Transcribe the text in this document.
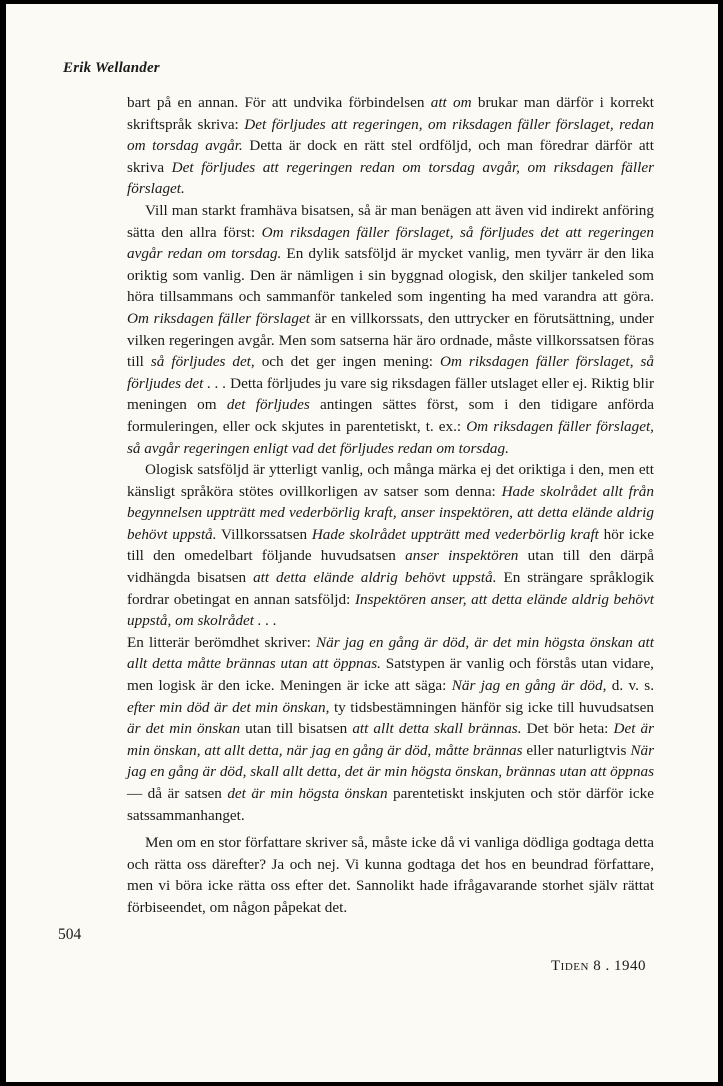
Erik Wellander

bart på en annan. För att undvika förbindelsen att om brukar man därför i korrekt skriftspråk skriva: Det förljudes att regeringen, om riksdagen fäller förslaget, redan om torsdag avgår. Detta är dock en rätt stel ordföljd, och man föredrar därför att skriva Det förljudes att regeringen redan om torsdag avgår, om riksdagen fäller förslaget.

Vill man starkt framhäva bisatsen, så är man benägen att även vid indirekt anföring sätta den allra först: Om riksdagen fäller förslaget, så förljudes det att regeringen avgår redan om torsdag. En dylik satsföljd är mycket vanlig, men tyvärr är den lika oriktig som vanlig. Den är nämligen i sin byggnad ologisk, den skiljer tankeled som höra tillsammans och sammanför tankeled som ingenting ha med varandra att göra. Om riksdagen fäller förslaget är en villkorssats, den uttrycker en förutsättning, under vilken regeringen avgår. Men som satserna här äro ordnade, måste villkorssatsen föras till så förljudes det, och det ger ingen mening: Om riksdagen fäller förslaget, så förljudes det . . . Detta förljudes ju vare sig riksdagen fäller utslaget eller ej. Riktig blir meningen om det förljudes antingen sättes först, som i den tidigare anförda formuleringen, eller ock skjutes in parentetiskt, t. ex.: Om riksdagen fäller förslaget, så avgår regeringen enligt vad det förljudes redan om torsdag.

Ologisk satsföljd är ytterligt vanlig, och många märka ej det oriktiga i den, men ett känsligt språköra stötes ovillkorligen av satser som denna: Hade skolrådet allt från begynnelsen uppträtt med vederbörlig kraft, anser inspektören, att detta elände aldrig behövt uppstå. Villkorssatsen Hade skolrådet uppträtt med vederbörlig kraft hör icke till den omedelbart följande huvudsatsen anser inspektören utan till den därpå vidhängda bisatsen att detta elände aldrig behövt uppstå. En strängare språklogik fordrar obetingat en annan satsföljd: Inspektören anser, att detta elände aldrig behövt uppstå, om skolrådet . . .

En litterär berömdhet skriver: När jag en gång är död, är det min högsta önskan att allt detta måtte brännas utan att öppnas. Satstypen är vanlig och förstås utan vidare, men logisk är den icke. Meningen är icke att säga: När jag en gång är död, d. v. s. efter min död är det min önskan, ty tidsbestämningen hänför sig icke till huvudsatsen är det min önskan utan till bisatsen att allt detta skall brännas. Det bör heta: Det är min önskan, att allt detta, när jag en gång är död, måtte brännas eller naturligtvis När jag en gång är död, skall allt detta, det är min högsta önskan, brännas utan att öppnas — då är satsen det är min högsta önskan parentetiskt inskjuten och stör därför icke satssammanhanget.

Men om en stor författare skriver så, måste icke då vi vanliga dödliga godtaga detta och rätta oss därefter? Ja och nej. Vi kunna godtaga det hos en beundrad författare, men vi böra icke rätta oss efter det. Sannolikt hade ifrågavarande storhet själv rättat förbiseendet, om någon påpekat det.

504
Tiden 8 . 1940
